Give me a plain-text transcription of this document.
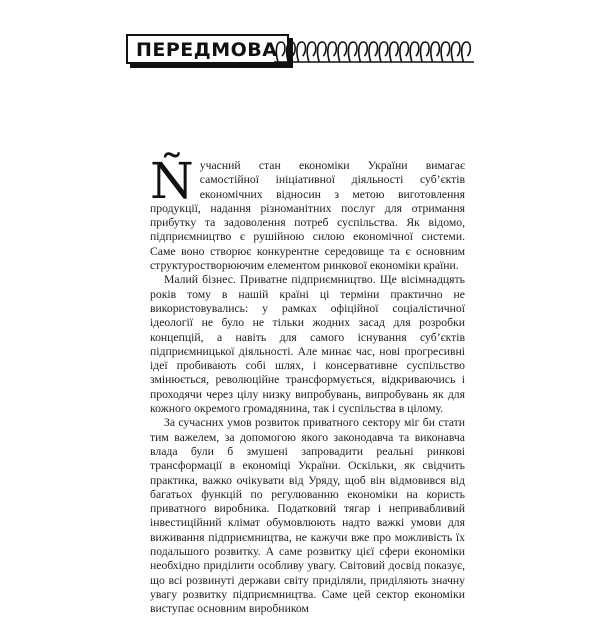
ПЕРЕДМОВА

Ñучасний стан економіки України вимагає самостійної ініціативної діяльності суб’єктів економічних відносин з метою виготовлення продукції, надання різноманітних послуг для отримання прибутку та задоволення потреб суспільства. Як відомо, підприємництво є рушійною силою економічної системи. Саме воно створює конкурентне середовище та є основним структуростворюючим елементом ринкової економіки країни.

Малий бізнес. Приватне підприємництво. Ще вісімнадцять років тому в нашій країні ці терміни практично не використовувались: у рамках офіційної соціалістичної ідеології не було не тільки жодних засад для розробки концепцій, а навіть для самого існування суб’єктів підприємницької діяльності. Але минає час, нові прогресивні ідеї пробивають собі шлях, і консервативне суспільство змінюється, революційне трансформується, відкриваючись і проходячи через цілу низку випробувань, випробувань як для кожного окремого громадянина, так і суспільства в цілому.

За сучасних умов розвиток приватного сектору міг би стати тим важелем, за допомогою якого законодавча та виконавча влада були б змушені запровадити реальні ринкові трансформації в економіці України. Оскільки, як свідчить практика, важко очікувати від Уряду, щоб він відмовився від багатьох функцій по регулюванню економіки на користь приватного виробника. Податковий тягар і непривабливий інвестиційний клімат обумовлюють надто важкі умови для виживання підприємництва, не кажучи вже про можливість їх подальшого розвитку. А саме розвитку цієї сфери економіки необхідно приділити особливу увагу. Світовий досвід показує, що всі розвинуті держави світу приділяли, приділяють значну увагу розвитку підприємництва. Саме цей сектор економіки виступає основним виробником
